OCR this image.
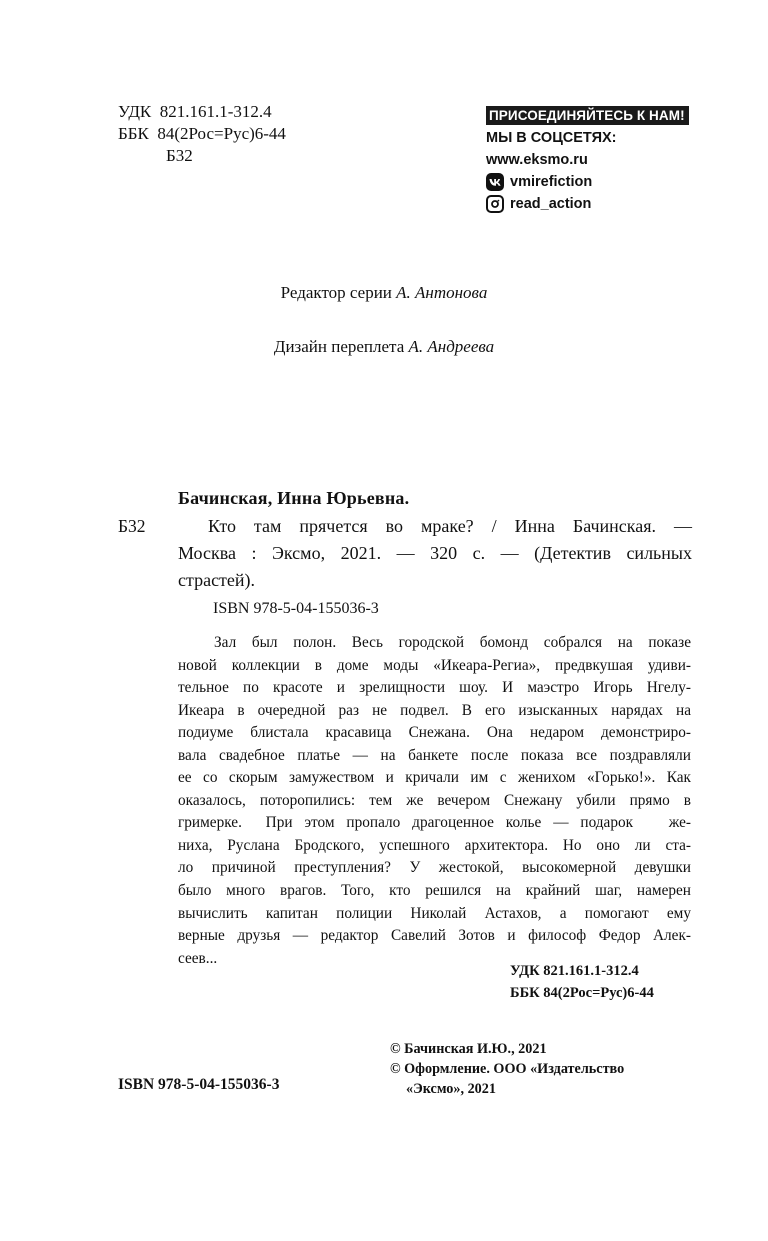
УДК  821.161.1-312.4
ББК  84(2Рос=Рус)6-44
Б32
ПРИСОЕДИНЯЙТЕСЬ К НАМ!
МЫ В СОЦСЕТЯХ:
www.eksmo.ru
vmirefiction
read_action
Редактор серии А. Антонова
Дизайн переплета А. Андреева
Бачинская, Инна Юрьевна.
Б32	Кто там прячется во мраке? / Инна Бачинская. —
Москва : Эксмо, 2021. — 320 с. — (Детектив сильных
страстей).
ISBN 978-5-04-155036-3
Зал был полон. Весь городской бомонд собрался на показе
новой коллекции в доме моды «Икеара-Региа», предвкушая удиви-
тельное по красоте и зрелищности шоу. И маэстро Игорь Нгелу-
Икеара в очередной раз не подвел. В его изысканных нарядах на
подиуме блистала красавица Снежана. Она недаром демонстриро-
вала свадебное платье — на банкете после показа все поздравляли
ее со скорым замужеством и кричали им с женихом «Горько!». Как
оказалось, поторопились: тем же вечером Снежану убили прямо в
гримерке.  При этом пропало драгоценное колье — подарок   же-
ниха, Руслана Бродского, успешного архитектора. Но оно ли ста-
ло причиной преступления? У жестокой, высокомерной девушки
было много врагов. Того, кто решился на крайний шаг, намерен
вычислить капитан полиции Николай Астахов, а помогают ему
верные друзья — редактор Савелий Зотов и философ Федор Алек-
сеев...
УДК 821.161.1-312.4
ББК 84(2Рос=Рус)6-44
© Бачинская И.Ю., 2021
© Оформление. ООО «Издательство
«Эксмо», 2021
ISBN 978-5-04-155036-3
